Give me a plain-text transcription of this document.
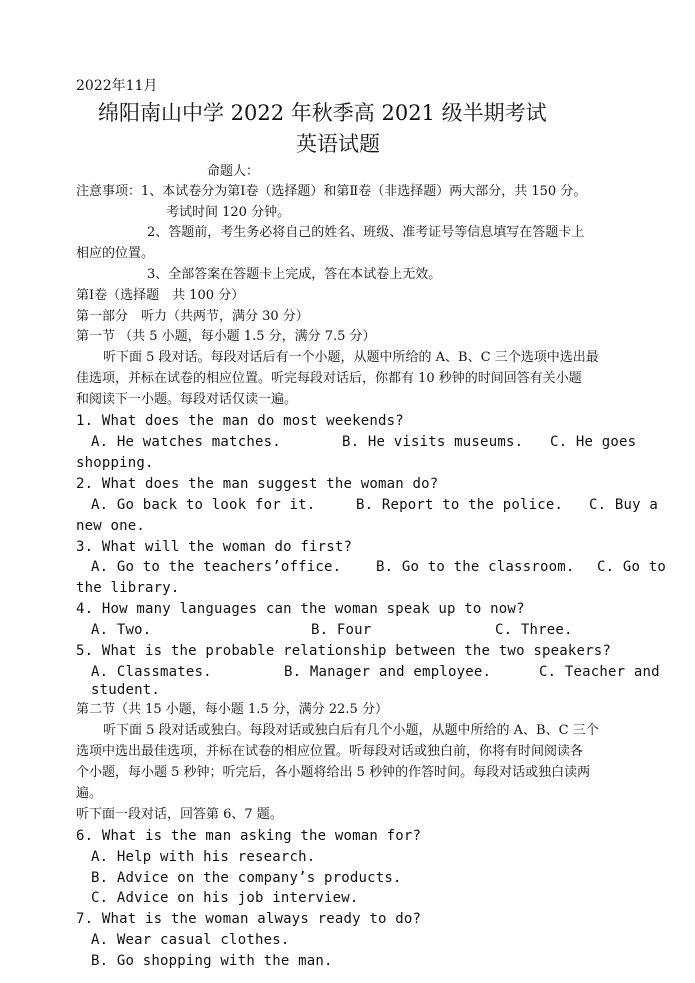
2022年11月
绵阳南山中学 2022 年秋季高 2021 级半期考试
英语试题
命题人：
注意事项：1、本试卷分为第Ⅰ卷（选择题）和第Ⅱ卷（非选择题）两大部分，共 150 分。
考试时间 120 分钟。
2、答题前，考生务必将自己的姓名、班级、准考证号等信息填写在答题卡上
相应的位置。
3、全部答案在答题卡上完成，答在本试卷上无效。
第Ⅰ卷（选择题　共 100 分）
第一部分　听力（共两节，满分 30 分）
第一节 （共 5 小题，每小题 1.5 分，满分 7.5 分）
听下面 5 段对话。每段对话后有一个小题，从题中所给的 A、B、C 三个选项中选出最
佳选项，并标在试卷的相应位置。听完每段对话后，你都有 10 秒钟的时间回答有关小题
和阅读下一小题。每段对话仅读一遍。
1. What does the man do most weekends?
A. He watches matches.	B. He visits museums. C. He goes
shopping.
2. What does the man suggest the woman do?
A. Go back to look for it.	B. Report to the police. C. Buy a
new one.
3. What will the woman do first?
A. Go to the teachers’office. B. Go to the classroom. C. Go to
the library.
4. How many languages can the woman speak up to now?
A. Two.	B. Four	C. Three.
5. What is the probable relationship between the two speakers?
A. Classmates.	B. Manager and employee.	C. Teacher and
student.
第二节（共 15 小题，每小题 1.5 分，满分 22.5 分）
听下面 5 段对话或独白。每段对话或独白后有几个小题，从题中所给的 A、B、C 三个
选项中选出最佳选项，并标在试卷的相应位置。听每段对话或独白前，你将有时间阅读各
个小题，每小题 5 秒钟；听完后，各小题将给出 5 秒钟的作答时间。每段对话或独白读两
遍。
听下面一段对话，回答第 6、7 题。
6. What is the man asking the woman for?
A. Help with his research.
B. Advice on the company’s products.
C. Advice on his job interview.
7. What is the woman always ready to do?
A. Wear casual clothes.
B. Go shopping with the man.
